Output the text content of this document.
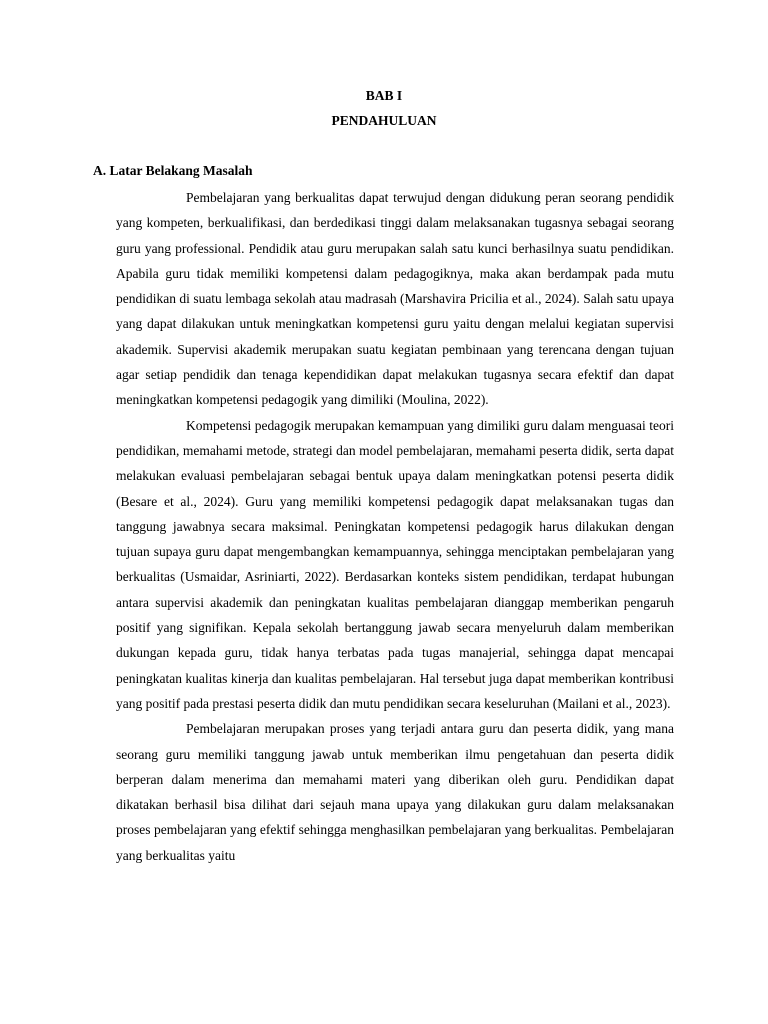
BAB I
PENDAHULUAN
A. Latar Belakang Masalah

Pembelajaran yang berkualitas dapat terwujud dengan didukung peran seorang pendidik yang kompeten, berkualifikasi, dan berdedikasi tinggi dalam melaksanakan tugasnya sebagai seorang guru yang professional. Pendidik atau guru merupakan salah satu kunci berhasilnya suatu pendidikan. Apabila guru tidak memiliki kompetensi dalam pedagogiknya, maka akan berdampak pada mutu pendidikan di suatu lembaga sekolah atau madrasah (Marshavira Pricilia et al., 2024). Salah satu upaya yang dapat dilakukan untuk meningkatkan kompetensi guru yaitu dengan melalui kegiatan supervisi akademik. Supervisi akademik merupakan suatu kegiatan pembinaan yang terencana dengan tujuan agar setiap pendidik dan tenaga kependidikan dapat melakukan tugasnya secara efektif dan dapat meningkatkan kompetensi pedagogik yang dimiliki (Moulina, 2022).

Kompetensi pedagogik merupakan kemampuan yang dimiliki guru dalam menguasai teori pendidikan, memahami metode, strategi dan model pembelajaran, memahami peserta didik, serta dapat melakukan evaluasi pembelajaran sebagai bentuk upaya dalam meningkatkan potensi peserta didik (Besare et al., 2024). Guru yang memiliki kompetensi pedagogik dapat melaksanakan tugas dan tanggung jawabnya secara maksimal. Peningkatan kompetensi pedagogik harus dilakukan dengan tujuan supaya guru dapat mengembangkan kemampuannya, sehingga menciptakan pembelajaran yang berkualitas (Usmaidar, Asriniarti, 2022). Berdasarkan konteks sistem pendidikan, terdapat hubungan antara supervisi akademik dan peningkatan kualitas pembelajaran dianggap memberikan pengaruh positif yang signifikan. Kepala sekolah bertanggung jawab secara menyeluruh dalam memberikan dukungan kepada guru, tidak hanya terbatas pada tugas manajerial, sehingga dapat mencapai peningkatan kualitas kinerja dan kualitas pembelajaran. Hal tersebut juga dapat memberikan kontribusi yang positif pada prestasi peserta didik dan mutu pendidikan secara keseluruhan (Mailani et al., 2023).

Pembelajaran merupakan proses yang terjadi antara guru dan peserta didik, yang mana seorang guru memiliki tanggung jawab untuk memberikan ilmu pengetahuan dan peserta didik berperan dalam menerima dan memahami materi yang diberikan oleh guru. Pendidikan dapat dikatakan berhasil bisa dilihat dari sejauh mana upaya yang dilakukan guru dalam melaksanakan proses pembelajaran yang efektif sehingga menghasilkan pembelajaran yang berkualitas. Pembelajaran yang berkualitas yaitu
